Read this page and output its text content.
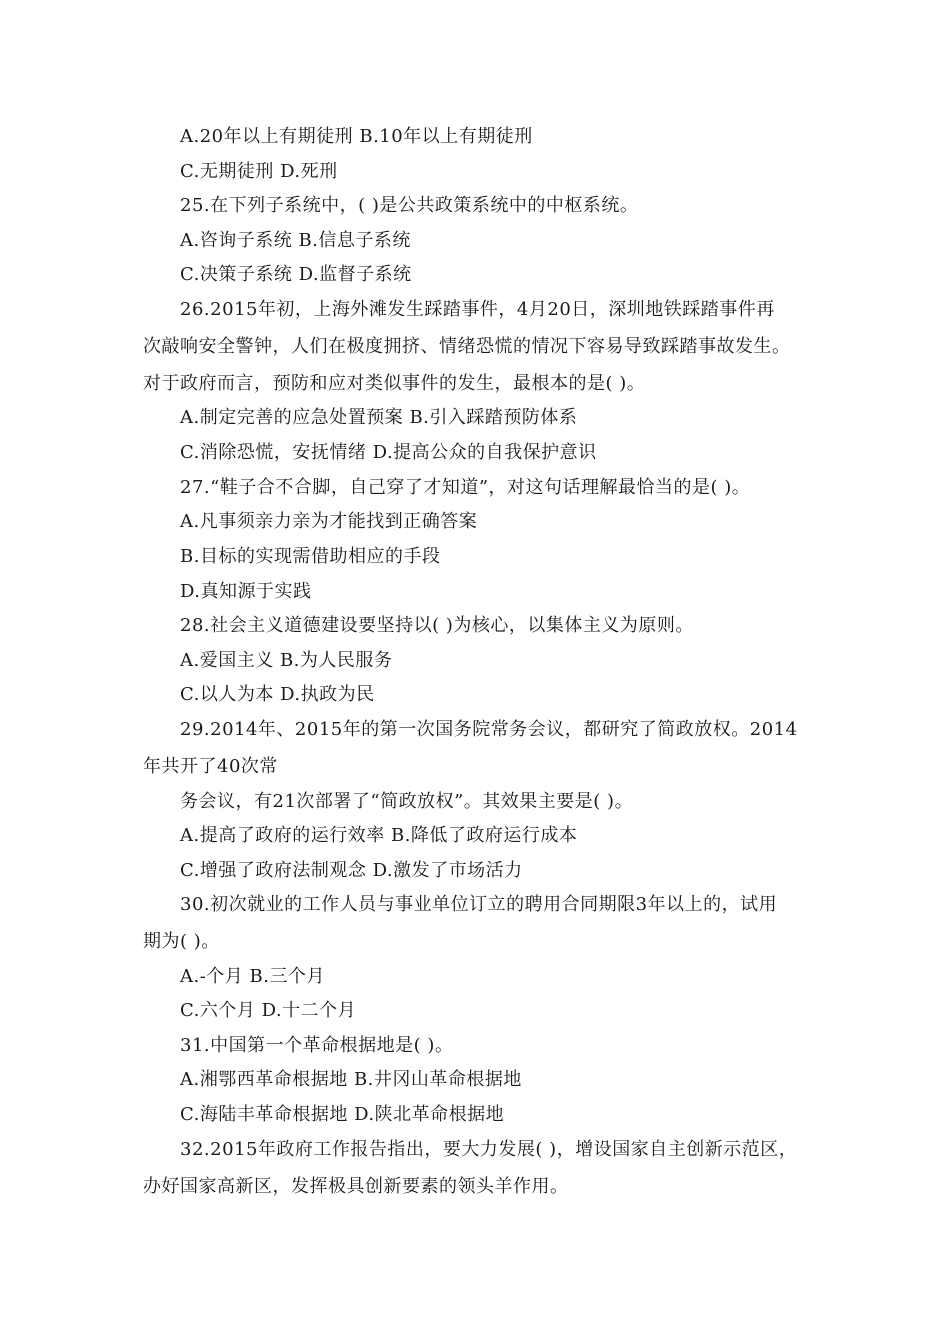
A.20年以上有期徒刑 B.10年以上有期徒刑
C.无期徒刑 D.死刑
25.在下列子系统中，( )是公共政策系统中的中枢系统。
A.咨询子系统 B.信息子系统
C.决策子系统 D.监督子系统
26.2015年初，上海外滩发生踩踏事件，4月20日，深圳地铁踩踏事件再
次敲响安全警钟，人们在极度拥挤、情绪恐慌的情况下容易导致踩踏事故发生。
对于政府而言，预防和应对类似事件的发生，最根本的是( )。
A.制定完善的应急处置预案 B.引入踩踏预防体系
C.消除恐慌，安抚情绪 D.提高公众的自我保护意识
27.“鞋子合不合脚，自己穿了才知道”，对这句话理解最恰当的是( )。
A.凡事须亲力亲为才能找到正确答案
B.目标的实现需借助相应的手段
D.真知源于实践
28.社会主义道德建设要坚持以( )为核心，以集体主义为原则。
A.爱国主义 B.为人民服务
C.以人为本 D.执政为民
29.2014年、2015年的第一次国务院常务会议，都研究了简政放权。2014
年共开了40次常
务会议，有21次部署了“简政放权”。其效果主要是( )。
A.提高了政府的运行效率 B.降低了政府运行成本
C.增强了政府法制观念 D.激发了市场活力
30.初次就业的工作人员与事业单位订立的聘用合同期限3年以上的，试用
期为( )。
A.-个月 B.三个月
C.六个月 D.十二个月
31.中国第一个革命根据地是( )。
A.湘鄂西革命根据地 B.井冈山革命根据地
C.海陆丰革命根据地 D.陕北革命根据地
32.2015年政府工作报告指出，要大力发展( )，增设国家自主创新示范区，
办好国家高新区，发挥极具创新要素的领头羊作用。
